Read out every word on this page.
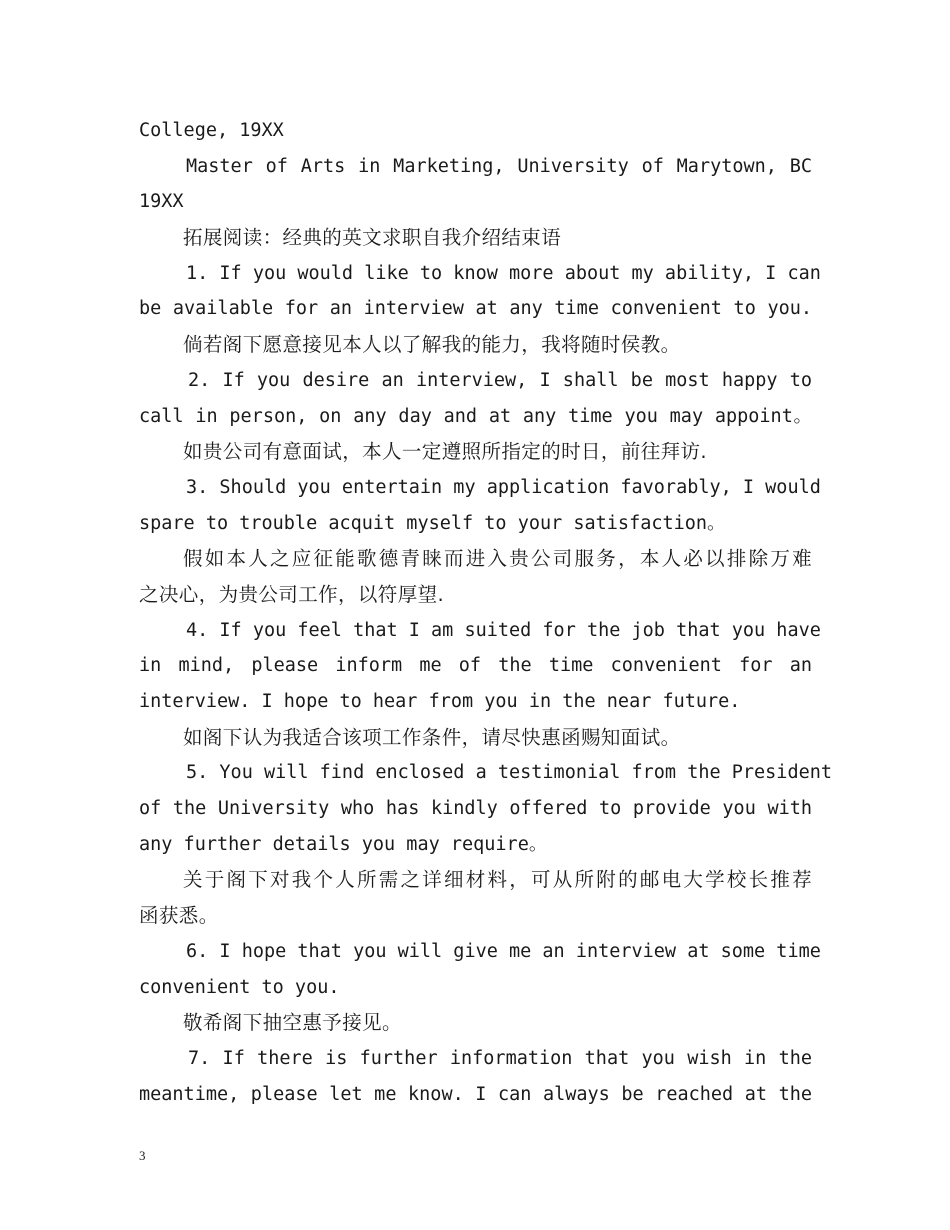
College, 19XX
Master of Arts in Marketing, University of Marytown, BC
19XX
拓展阅读：经典的英文求职自我介绍结束语
1. If you would like to know more about my ability, I can
be available for an interview at any time convenient to you.
倘若阁下愿意接见本人以了解我的能力，我将随时侯教。
2. If you desire an interview, I shall be most happy to
call in person, on any day and at any time you may appoint。
如贵公司有意面试，本人一定遵照所指定的时日，前往拜访.
3. Should you entertain my application favorably, I would
spare to trouble acquit myself to your satisfaction。
假如本人之应征能歌德青睐而进入贵公司服务，本人必以排除万难
之决心，为贵公司工作，以符厚望.
4. If you feel that I am suited for the job that you have
in mind, please inform me of the time convenient for an
interview. I hope to hear from you in the near future.
如阁下认为我适合该项工作条件，请尽快惠函赐知面试。
5. You will find enclosed a testimonial from the President
of the University who has kindly offered to provide you with
any further details you may require。
关于阁下对我个人所需之详细材料，可从所附的邮电大学校长推荐
函获悉。
6. I hope that you will give me an interview at some time
convenient to you.
敬希阁下抽空惠予接见。
7. If there is further information that you wish in the
meantime, please let me know. I can always be reached at the
3
